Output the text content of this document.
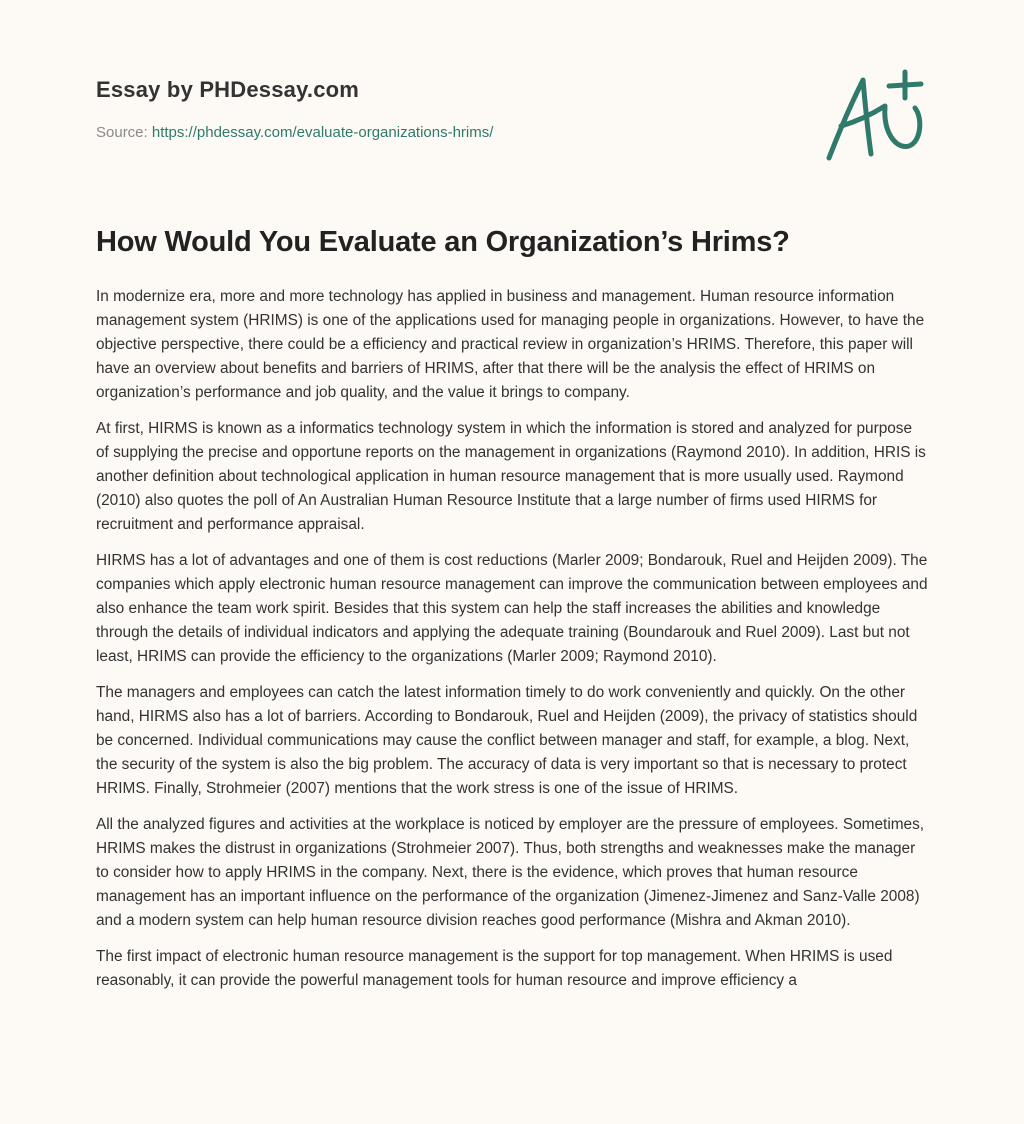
Essay by PHDessay.com
Source: https://phdessay.com/evaluate-organizations-hrims/
How Would You Evaluate an Organization’s Hrims?

In modernize era, more and more technology has applied in business and management. Human resource information management system (HRIMS) is one of the applications used for managing people in organizations. However, to have the objective perspective, there could be a efficiency and practical review in organization’s HRIMS. Therefore, this paper will have an overview about benefits and barriers of HRIMS, after that there will be the analysis the effect of HRIMS on organization’s performance and job quality, and the value it brings to company.

At first, HIRMS is known as a informatics technology system in which the information is stored and analyzed for purpose of supplying the precise and opportune reports on the management in organizations (Raymond 2010). In addition, HRIS is another definition about technological application in human resource management that is more usually used. Raymond (2010) also quotes the poll of An Australian Human Resource Institute that a large number of firms used HIRMS for recruitment and performance appraisal.

HIRMS has a lot of advantages and one of them is cost reductions (Marler 2009; Bondarouk, Ruel and Heijden 2009). The companies which apply electronic human resource management can improve the communication between employees and also enhance the team work spirit. Besides that this system can help the staff increases the abilities and knowledge through the details of individual indicators and applying the adequate training (Boundarouk and Ruel 2009). Last but not least, HRIMS can provide the efficiency to the organizations (Marler 2009; Raymond 2010).

The managers and employees can catch the latest information timely to do work conveniently and quickly. On the other hand, HIRMS also has a lot of barriers. According to Bondarouk, Ruel and Heijden (2009), the privacy of statistics should be concerned. Individual communications may cause the conflict between manager and staff, for example, a blog. Next, the security of the system is also the big problem. The accuracy of data is very important so that is necessary to protect HRIMS. Finally, Strohmeier (2007) mentions that the work stress is one of the issue of HRIMS.

All the analyzed figures and activities at the workplace is noticed by employer are the pressure of employees. Sometimes, HRIMS makes the distrust in organizations (Strohmeier 2007). Thus, both strengths and weaknesses make the manager to consider how to apply HRIMS in the company. Next, there is the evidence, which proves that human resource management has an important influence on the performance of the organization (Jimenez-Jimenez and Sanz-Valle 2008) and a modern system can help human resource division reaches good performance (Mishra and Akman 2010).

The first impact of electronic human resource management is the support for top management. When HRIMS is used reasonably, it can provide the powerful management tools for human resource and improve efficiency a
